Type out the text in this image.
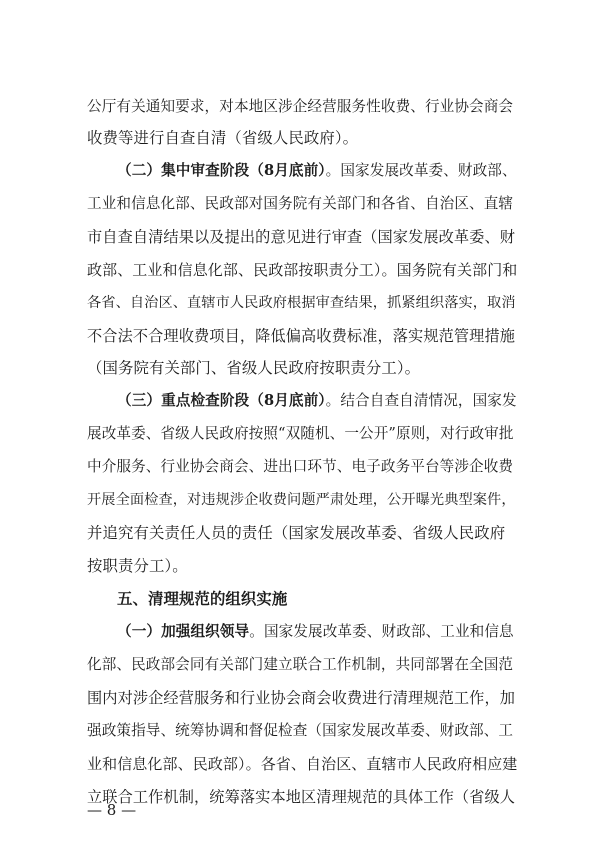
公厅有关通知要求，对本地区涉企经营服务性收费、行业协会商会
收费等进行自查自清（省级人民政府）。
（二）集中审查阶段（8月底前）。国家发展改革委、财政部、
工业和信息化部、民政部对国务院有关部门和各省、自治区、直辖
市自查自清结果以及提出的意见进行审查（国家发展改革委、财
政部、工业和信息化部、民政部按职责分工）。国务院有关部门和
各省、自治区、直辖市人民政府根据审查结果，抓紧组织落实，取消
不合法不合理收费项目，降低偏高收费标准，落实规范管理措施
（国务院有关部门、省级人民政府按职责分工）。
（三）重点检查阶段（8月底前）。结合自查自清情况，国家发
展改革委、省级人民政府按照“双随机、一公开”原则，对行政审批
中介服务、行业协会商会、进出口环节、电子政务平台等涉企收费
开展全面检查，对违规涉企收费问题严肃处理，公开曝光典型案件，
并追究有关责任人员的责任（国家发展改革委、省级人民政府
按职责分工）。
五、清理规范的组织实施
（一）加强组织领导。国家发展改革委、财政部、工业和信息
化部、民政部会同有关部门建立联合工作机制，共同部署在全国范
围内对涉企经营服务和行业协会商会收费进行清理规范工作，加
强政策指导、统筹协调和督促检查（国家发展改革委、财政部、工
业和信息化部、民政部）。各省、自治区、直辖市人民政府相应建
立联合工作机制，统筹落实本地区清理规范的具体工作（省级人
— 8 —
